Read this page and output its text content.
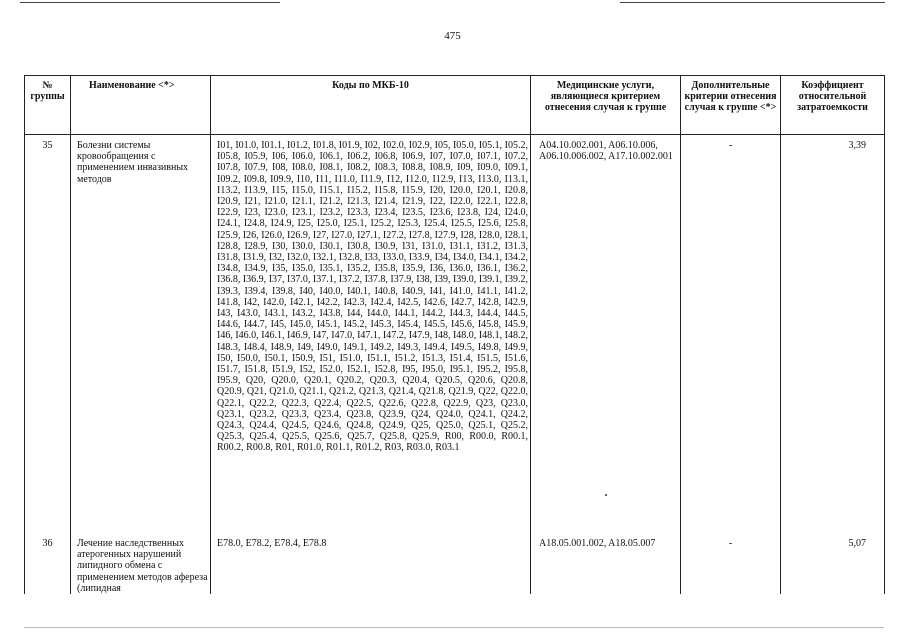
475
№ группы	Наименование <*>	Коды по МКБ-10	Медицинские услуги, являющиеся критерием отнесения случая к группе	Дополнительные критерии отнесения случая к группе <*>	Коэффициент относительной затратоемкости
35	Болезни системы кровообращения с применением инвазивных методов	I01, I01.0, I01.1, I01.2, I01.8, I01.9, I02, I02.0, I02.9, I05, I05.0, I05.1, I05.2, I05.8, I05.9, I06, I06.0, I06.1, I06.2, I06.8, I06.9, I07, I07.0, I07.1, I07.2, I07.8, I07.9, I08, I08.0, I08.1, I08.2, I08.3, I08.8, I08.9, I09, I09.0, I09.1, I09.2, I09.8, I09.9, I10, I11, I11.0, I11.9, I12, I12.0, I12.9, I13, I13.0, I13.1, I13.2, I13.9, I15, I15.0, I15.1, I15.2, I15.8, I15.9, I20, I20.0, I20.1, I20.8, I20.9, I21, I21.0, I21.1, I21.2, I21.3, I21.4, I21.9, I22, I22.0, I22.1, I22.8, I22.9, I23, I23.0, I23.1, I23.2, I23.3, I23.4, I23.5, I23.6, I23.8, I24, I24.0, I24.1, I24.8, I24.9, I25, I25.0, I25.1, I25.2, I25.3, I25.4, I25.5, I25.6, I25.8, I25.9, I26, I26.0, I26.9, I27, I27.0, I27.1, I27.2, I27.8, I27.9, I28, I28.0, I28.1, I28.8, I28.9, I30, I30.0, I30.1, I30.8, I30.9, I31, I31.0, I31.1, I31.2, I31.3, I31.8, I31.9, I32, I32.0, I32.1, I32.8, I33, I33.0, I33.9, I34, I34.0, I34.1, I34.2, I34.8, I34.9, I35, I35.0, I35.1, I35.2, I35.8, I35.9, I36, I36.0, I36.1, I36.2, I36.8, I36.9, I37, I37.0, I37.1, I37.2, I37.8, I37.9, I38, I39, I39.0, I39.1, I39.2, I39.3, I39.4, I39.8, I40, I40.0, I40.1, I40.8, I40.9, I41, I41.0, I41.1, I41.2, I41.8, I42, I42.0, I42.1, I42.2, I42.3, I42.4, I42.5, I42.6, I42.7, I42.8, I42.9, I43, I43.0, I43.1, I43.2, I43.8, I44, I44.0, I44.1, I44.2, I44.3, I44.4, I44.5, I44.6, I44.7, I45, I45.0, I45.1, I45.2, I45.3, I45.4, I45.5, I45.6, I45.8, I45.9, I46, I46.0, I46.1, I46.9, I47, I47.0, I47.1, I47.2, I47.9, I48, I48.0, I48.1, I48.2, I48.3, I48.4, I48.9, I49, I49.0, I49.1, I49.2, I49.3, I49.4, I49.5, I49.8, I49.9, I50, I50.0, I50.1, I50.9, I51, I51.0, I51.1, I51.2, I51.3, I51.4, I51.5, I51.6, I51.7, I51.8, I51.9, I52, I52.0, I52.1, I52.8, I95, I95.0, I95.1, I95.2, I95.8, I95.9, Q20, Q20.0, Q20.1, Q20.2, Q20.3, Q20.4, Q20.5, Q20.6, Q20.8, Q20.9, Q21, Q21.0, Q21.1, Q21.2, Q21.3, Q21.4, Q21.8, Q21.9, Q22, Q22.0, Q22.1, Q22.2, Q22.3, Q22.4, Q22.5, Q22.6, Q22.8, Q22.9, Q23, Q23.0, Q23.1, Q23.2, Q23.3, Q23.4, Q23.8, Q23.9, Q24, Q24.0, Q24.1, Q24.2, Q24.3, Q24.4, Q24.5, Q24.6, Q24.8, Q24.9, Q25, Q25.0, Q25.1, Q25.2, Q25.3, Q25.4, Q25.5, Q25.6, Q25.7, Q25.8, Q25.9, R00, R00.0, R00.1, R00.2, R00.8, R01, R01.0, R01.1, R01.2, R03, R03.0, R03.1	A04.10.002.001, A06.10.006, A06.10.006.002, A17.10.002.001	-	3,39
36	Лечение наследственных атерогенных нарушений липидного обмена с применением методов афереза (липидная	E78.0, E78.2, E78.4, E78.8	A18.05.001.002, A18.05.007	-	5,07
